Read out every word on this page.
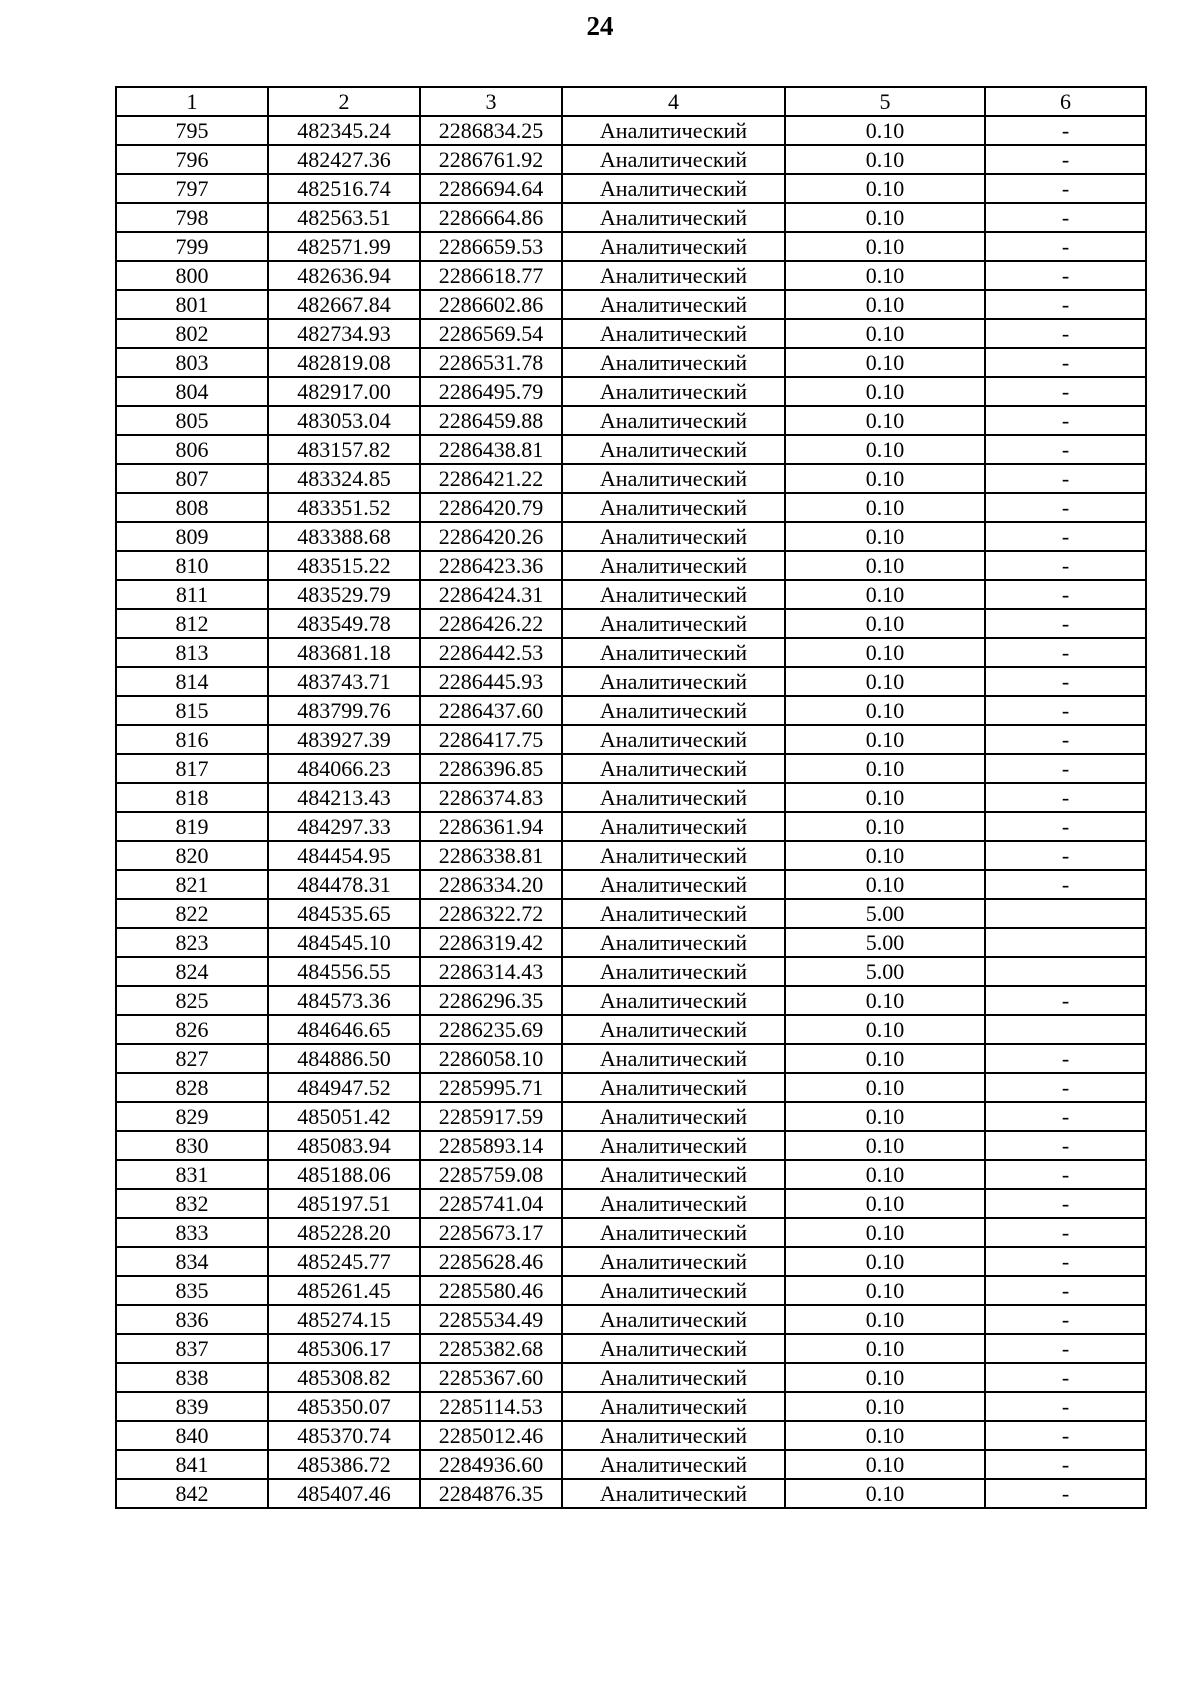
24
1	2	3	4	5	6
795	482345.24	2286834.25	Аналитический	0.10	-
796	482427.36	2286761.92	Аналитический	0.10	-
797	482516.74	2286694.64	Аналитический	0.10	-
798	482563.51	2286664.86	Аналитический	0.10	-
799	482571.99	2286659.53	Аналитический	0.10	-
800	482636.94	2286618.77	Аналитический	0.10	-
801	482667.84	2286602.86	Аналитический	0.10	-
802	482734.93	2286569.54	Аналитический	0.10	-
803	482819.08	2286531.78	Аналитический	0.10	-
804	482917.00	2286495.79	Аналитический	0.10	-
805	483053.04	2286459.88	Аналитический	0.10	-
806	483157.82	2286438.81	Аналитический	0.10	-
807	483324.85	2286421.22	Аналитический	0.10	-
808	483351.52	2286420.79	Аналитический	0.10	-
809	483388.68	2286420.26	Аналитический	0.10	-
810	483515.22	2286423.36	Аналитический	0.10	-
811	483529.79	2286424.31	Аналитический	0.10	-
812	483549.78	2286426.22	Аналитический	0.10	-
813	483681.18	2286442.53	Аналитический	0.10	-
814	483743.71	2286445.93	Аналитический	0.10	-
815	483799.76	2286437.60	Аналитический	0.10	-
816	483927.39	2286417.75	Аналитический	0.10	-
817	484066.23	2286396.85	Аналитический	0.10	-
818	484213.43	2286374.83	Аналитический	0.10	-
819	484297.33	2286361.94	Аналитический	0.10	-
820	484454.95	2286338.81	Аналитический	0.10	-
821	484478.31	2286334.20	Аналитический	0.10	-
822	484535.65	2286322.72	Аналитический	5.00	
823	484545.10	2286319.42	Аналитический	5.00	
824	484556.55	2286314.43	Аналитический	5.00	
825	484573.36	2286296.35	Аналитический	0.10	-
826	484646.65	2286235.69	Аналитический	0.10	
827	484886.50	2286058.10	Аналитический	0.10	-
828	484947.52	2285995.71	Аналитический	0.10	-
829	485051.42	2285917.59	Аналитический	0.10	-
830	485083.94	2285893.14	Аналитический	0.10	-
831	485188.06	2285759.08	Аналитический	0.10	-
832	485197.51	2285741.04	Аналитический	0.10	-
833	485228.20	2285673.17	Аналитический	0.10	-
834	485245.77	2285628.46	Аналитический	0.10	-
835	485261.45	2285580.46	Аналитический	0.10	-
836	485274.15	2285534.49	Аналитический	0.10	-
837	485306.17	2285382.68	Аналитический	0.10	-
838	485308.82	2285367.60	Аналитический	0.10	-
839	485350.07	2285114.53	Аналитический	0.10	-
840	485370.74	2285012.46	Аналитический	0.10	-
841	485386.72	2284936.60	Аналитический	0.10	-
842	485407.46	2284876.35	Аналитический	0.10	-
